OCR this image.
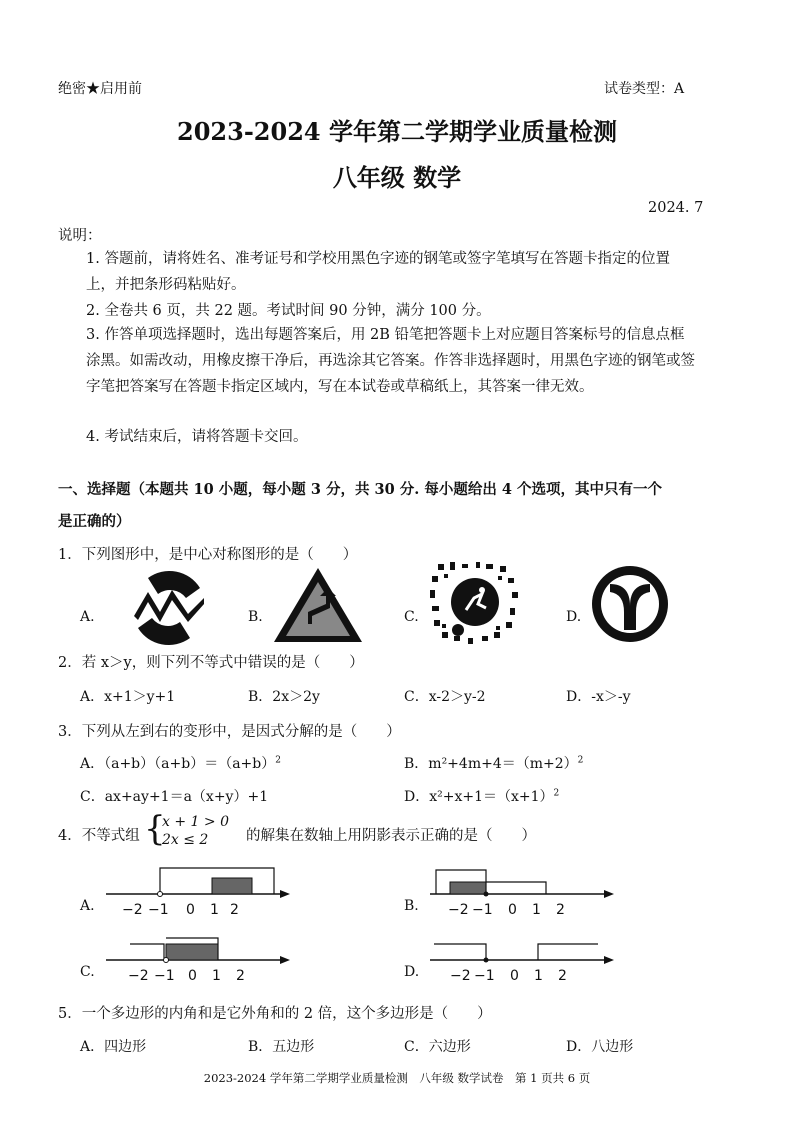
绝密★启用前	试卷类型：A
2023-2024 学年第二学期学业质量检测
八年级 数学
2024. 7
说明：
1. 答题前，请将姓名、准考证号和学校用黑色字迹的钢笔或签字笔填写在答题卡指定的位置上，并把条形码粘贴好。
2. 全卷共 6 页，共 22 题。考试时间 90 分钟，满分 100 分。
3. 作答单项选择题时，选出每题答案后，用 2B 铅笔把答题卡上对应题目答案标号的信息点框涂黑。如需改动，用橡皮擦干净后，再选涂其它答案。作答非选择题时，用黑色字迹的钢笔或签字笔把答案写在答题卡指定区域内，写在本试卷或草稿纸上，其答案一律无效。
4. 考试结束后，请将答题卡交回。
一、选择题（本题共 10 小题，每小题 3 分，共 30 分. 每小题给出 4 个选项，其中只有一个
是正确的）
1．下列图形中，是中心对称图形的是（　　）
A.	B.	C.	D.
2．若 x＞y，则下列不等式中错误的是（　　）
A．x+1＞y+1	B．2x＞2y	C．x-2＞y-2	D．-x＞-y
3．下列从左到右的变形中，是因式分解的是（　　）
A．$(a+b)(a+b)=(a+b)^2$	B．$m^2+4m+4=(m+2)^2$
C．ax+ay+1＝a（x+y）+1	D．$x^2+x+1=(x+1)^2$
4．不等式组 {
x + 1 > 0
2x ≤ 2	的解集在数轴上用阴影表示正确的是（　　）
A.	B.
C.	D.
−2 −1 0 1 2	−2 −1 0 1 2
−2 −1 0 1 2	−2 −1 0 1 2
5．一个多边形的内角和是它外角和的 2 倍，这个多边形是（　　）
A．四边形	B．五边形	C．六边形	D．八边形
2023-2024 学年第二学期学业质量检测　八年级 数学试卷　第 1 页共 6 页
